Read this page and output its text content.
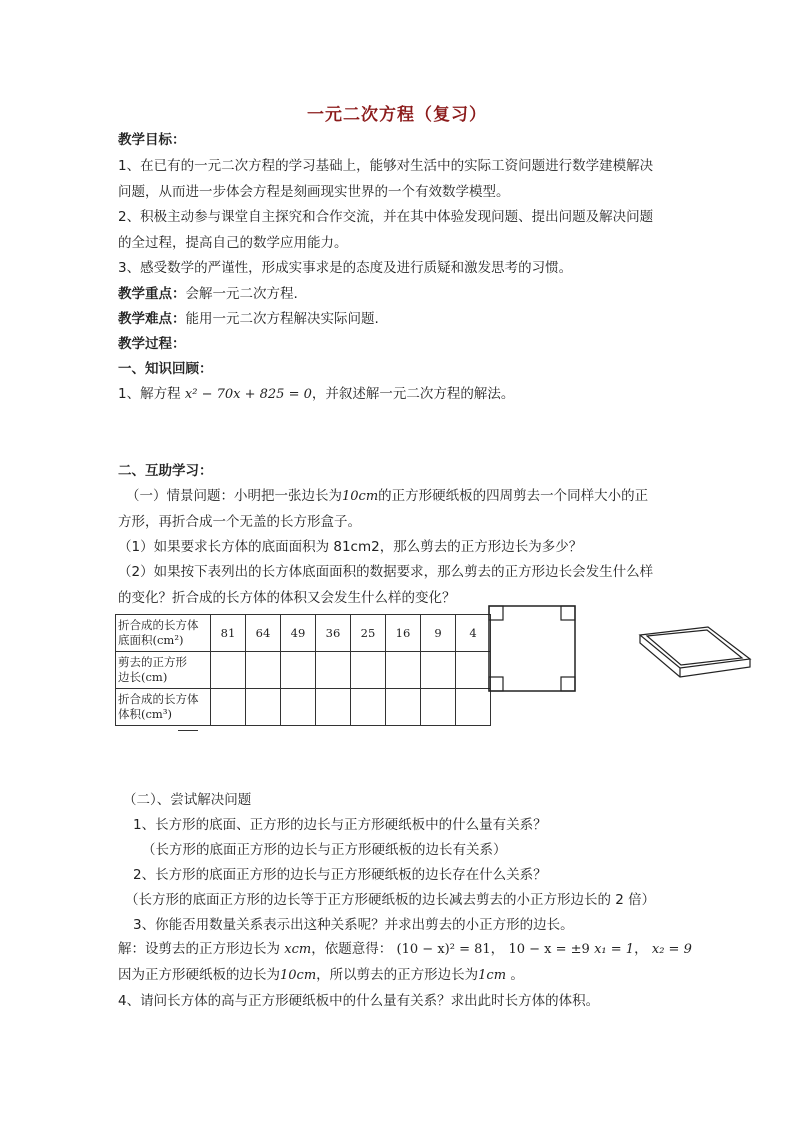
一元二次方程（复习）
教学目标：
1、在已有的一元二次方程的学习基础上，能够对生活中的实际工资问题进行数学建模解决
问题，从而进一步体会方程是刻画现实世界的一个有效数学模型。
2、积极主动参与课堂自主探究和合作交流，并在其中体验发现问题、提出问题及解决问题
的全过程，提高自己的数学应用能力。
3、感受数学的严谨性，形成实事求是的态度及进行质疑和激发思考的习惯。
教学重点：会解一元二次方程.
教学难点：能用一元二次方程解决实际问题.
教学过程：
一、知识回顾：
1、解方程 x² − 70x + 825 = 0，并叙述解一元二次方程的解法。
二、互助学习：
（一）情景问题：小明把一张边长为10cm的正方形硬纸板的四周剪去一个同样大小的正
方形，再折合成一个无盖的长方形盒子。
（1）如果要求长方体的底面面积为 81cm2，那么剪去的正方形边长为多少？
（2）如果按下表列出的长方体底面面积的数据要求，那么剪去的正方形边长会发生什么样
的变化？折合成的长方体的体积又会发生什么样的变化？
折合成的长方体
底面积(cm²)	81	64	49	36	25	16	9	4
剪去的正方形
边长(cm)								
折合成的长方体
体积(cm³)								
（二）、尝试解决问题
1、长方形的底面、正方形的边长与正方形硬纸板中的什么量有关系？
（长方形的底面正方形的边长与正方形硬纸板的边长有关系）
2、长方形的底面正方形的边长与正方形硬纸板的边长存在什么关系？
（长方形的底面正方形的边长等于正方形硬纸板的边长减去剪去的小正方形边长的 2 倍）
3、你能否用数量关系表示出这种关系呢？并求出剪去的小正方形的边长。
解：设剪去的正方形边长为 xcm，依题意得： (10 − x)² = 81， 10 − x = ±9 x₁ = 1， x₂ = 9
因为正方形硬纸板的边长为10cm，所以剪去的正方形边长为1cm 。
4、请问长方体的高与正方形硬纸板中的什么量有关系？求出此时长方体的体积。
